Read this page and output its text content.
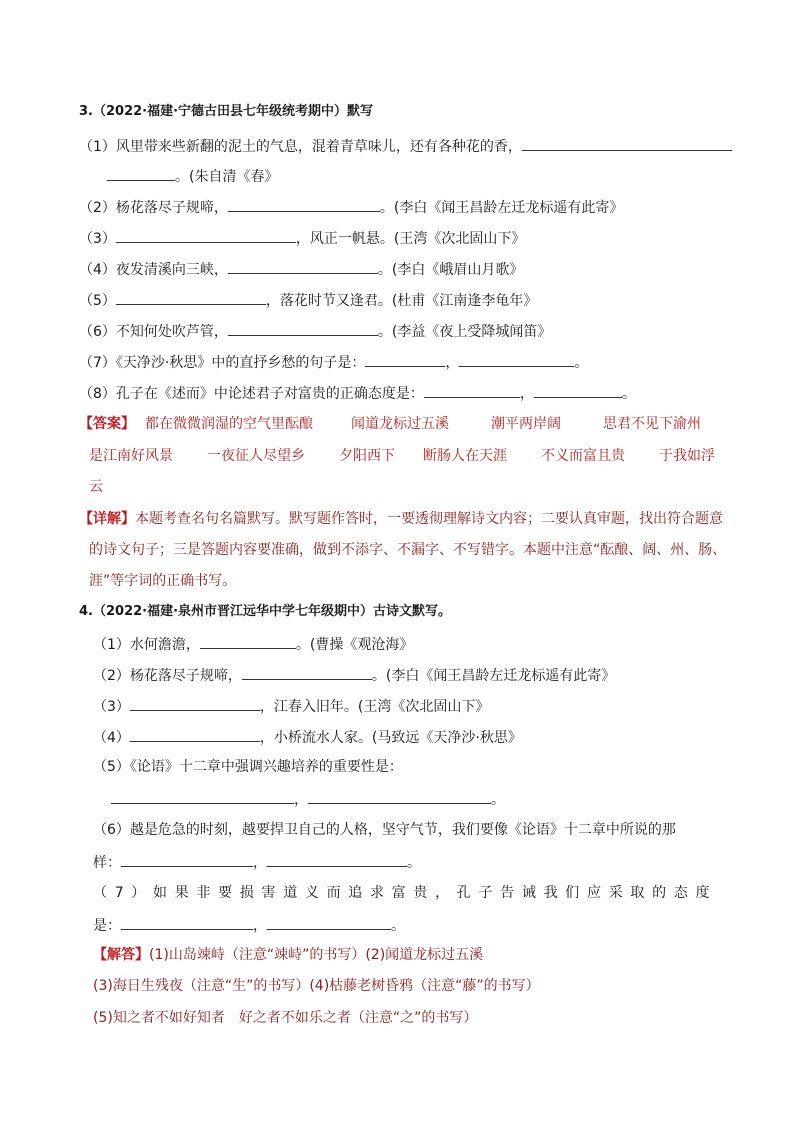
3.（2022·福建·宁德古田县七年级统考期中）默写
（1）风里带来些新翻的泥土的气息，混着青草味儿，还有各种花的香，
。(朱自清《春》
（2）杨花落尽子规啼，	。(李白《闻王昌龄左迁龙标遥有此寄》
（3）	，风正一帆悬。(王湾《次北固山下》
（4）夜发清溪向三峡，	。(李白《峨眉山月歌》
（5）	，落花时节又逢君。(杜甫《江南逢李龟年》
（6）不知何处吹芦管，	。(李益《夜上受降城闻笛》
（7）《天净沙·秋思》中的直抒乡愁的句子是：	，	。
（8）孔子在《述而》中论述君子对富贵的正确态度是：	，	。
【答案】 都在微微润湿的空气里酝酿	闻道龙标过五溪	潮平两岸阔	思君不见下渝州
是江南好风景 一夜征人尽望乡 夕阳西下 断肠人在天涯 不义而富且贵 于我如浮
云
【详解】本题考查名句名篇默写。默写题作答时，一要透彻理解诗文内容；二要认真审题，找出符合题意
的诗文句子；三是答题内容要准确，做到不添字、不漏字、不写错字。本题中注意“酝酿、阔、州、肠、
涯”等字词的正确书写。
4.（2022·福建·泉州市晋江远华中学七年级期中）古诗文默写。
（1）水何澹澹，	。(曹操《观沧海》
（2）杨花落尽子规啼，	。(李白《闻王昌龄左迁龙标遥有此寄》
（3）	，江春入旧年。(王湾《次北固山下》
（4）	，小桥流水人家。(马致远《天净沙·秋思》
（5）《论语》十二章中强调兴趣培养的重要性是：
，	。
（6）越是危急的时刻，越要捍卫自己的人格，坚守气节，我们要像《论语》十二章中所说的那
样：	，	。
（7）如果非要损害道义而追求富贵，孔子告诫我们应采取的态度
是：	，	。
【解答】(1)山岛竦峙（注意“竦峙”的书写）(2)闻道龙标过五溪
(3)海日生残夜（注意“生”的书写）(4)枯藤老树昏鸦（注意“藤”的书写）
(5)知之者不如好知者　好之者不如乐之者（注意“之”的书写）
